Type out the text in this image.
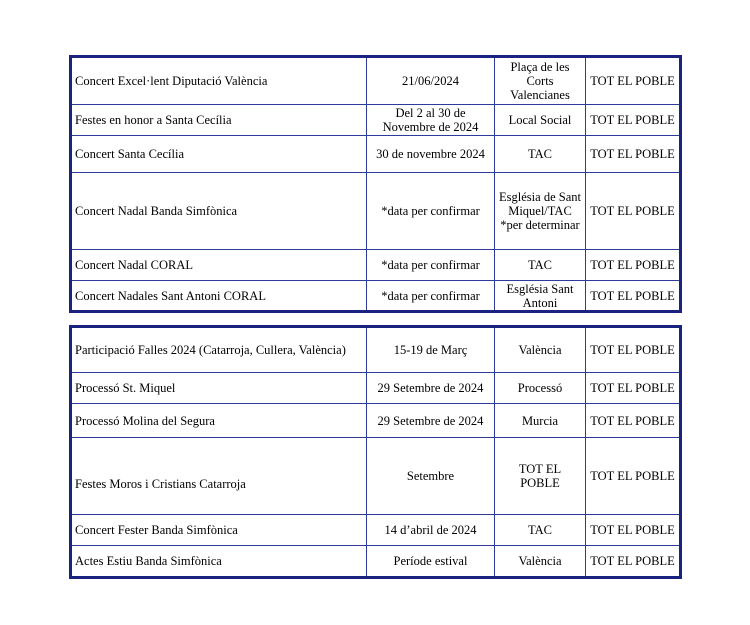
Concert Excel·lent Diputació València	21/06/2024	Plaça de les Corts Valencianes	TOT EL POBLE
Festes en honor a Santa Cecília	Del 2 al 30 de Novembre de 2024	Local Social	TOT EL POBLE
Concert Santa Cecília	30 de novembre 2024	TAC	TOT EL POBLE
Concert Nadal Banda Simfònica	*data per confirmar	Església de Sant Miquel/TAC *per determinar	TOT EL POBLE
Concert Nadal CORAL	*data per confirmar	TAC	TOT EL POBLE
Concert Nadales Sant Antoni CORAL	*data per confirmar	Església Sant Antoni	TOT EL POBLE
Participació Falles 2024 (Catarroja, Cullera, València)	15-19 de Març	València	TOT EL POBLE
Processó St. Miquel	29 Setembre de 2024	Processó	TOT EL POBLE
Processó Molina del Segura	29 Setembre de 2024	Murcia	TOT EL POBLE
Festes Moros i Cristians Catarroja	Setembre	TOT EL POBLE	TOT EL POBLE
Concert Fester Banda Simfònica	14 d’abril de 2024	TAC	TOT EL POBLE
Actes Estiu Banda Simfònica	Període estival	València	TOT EL POBLE
